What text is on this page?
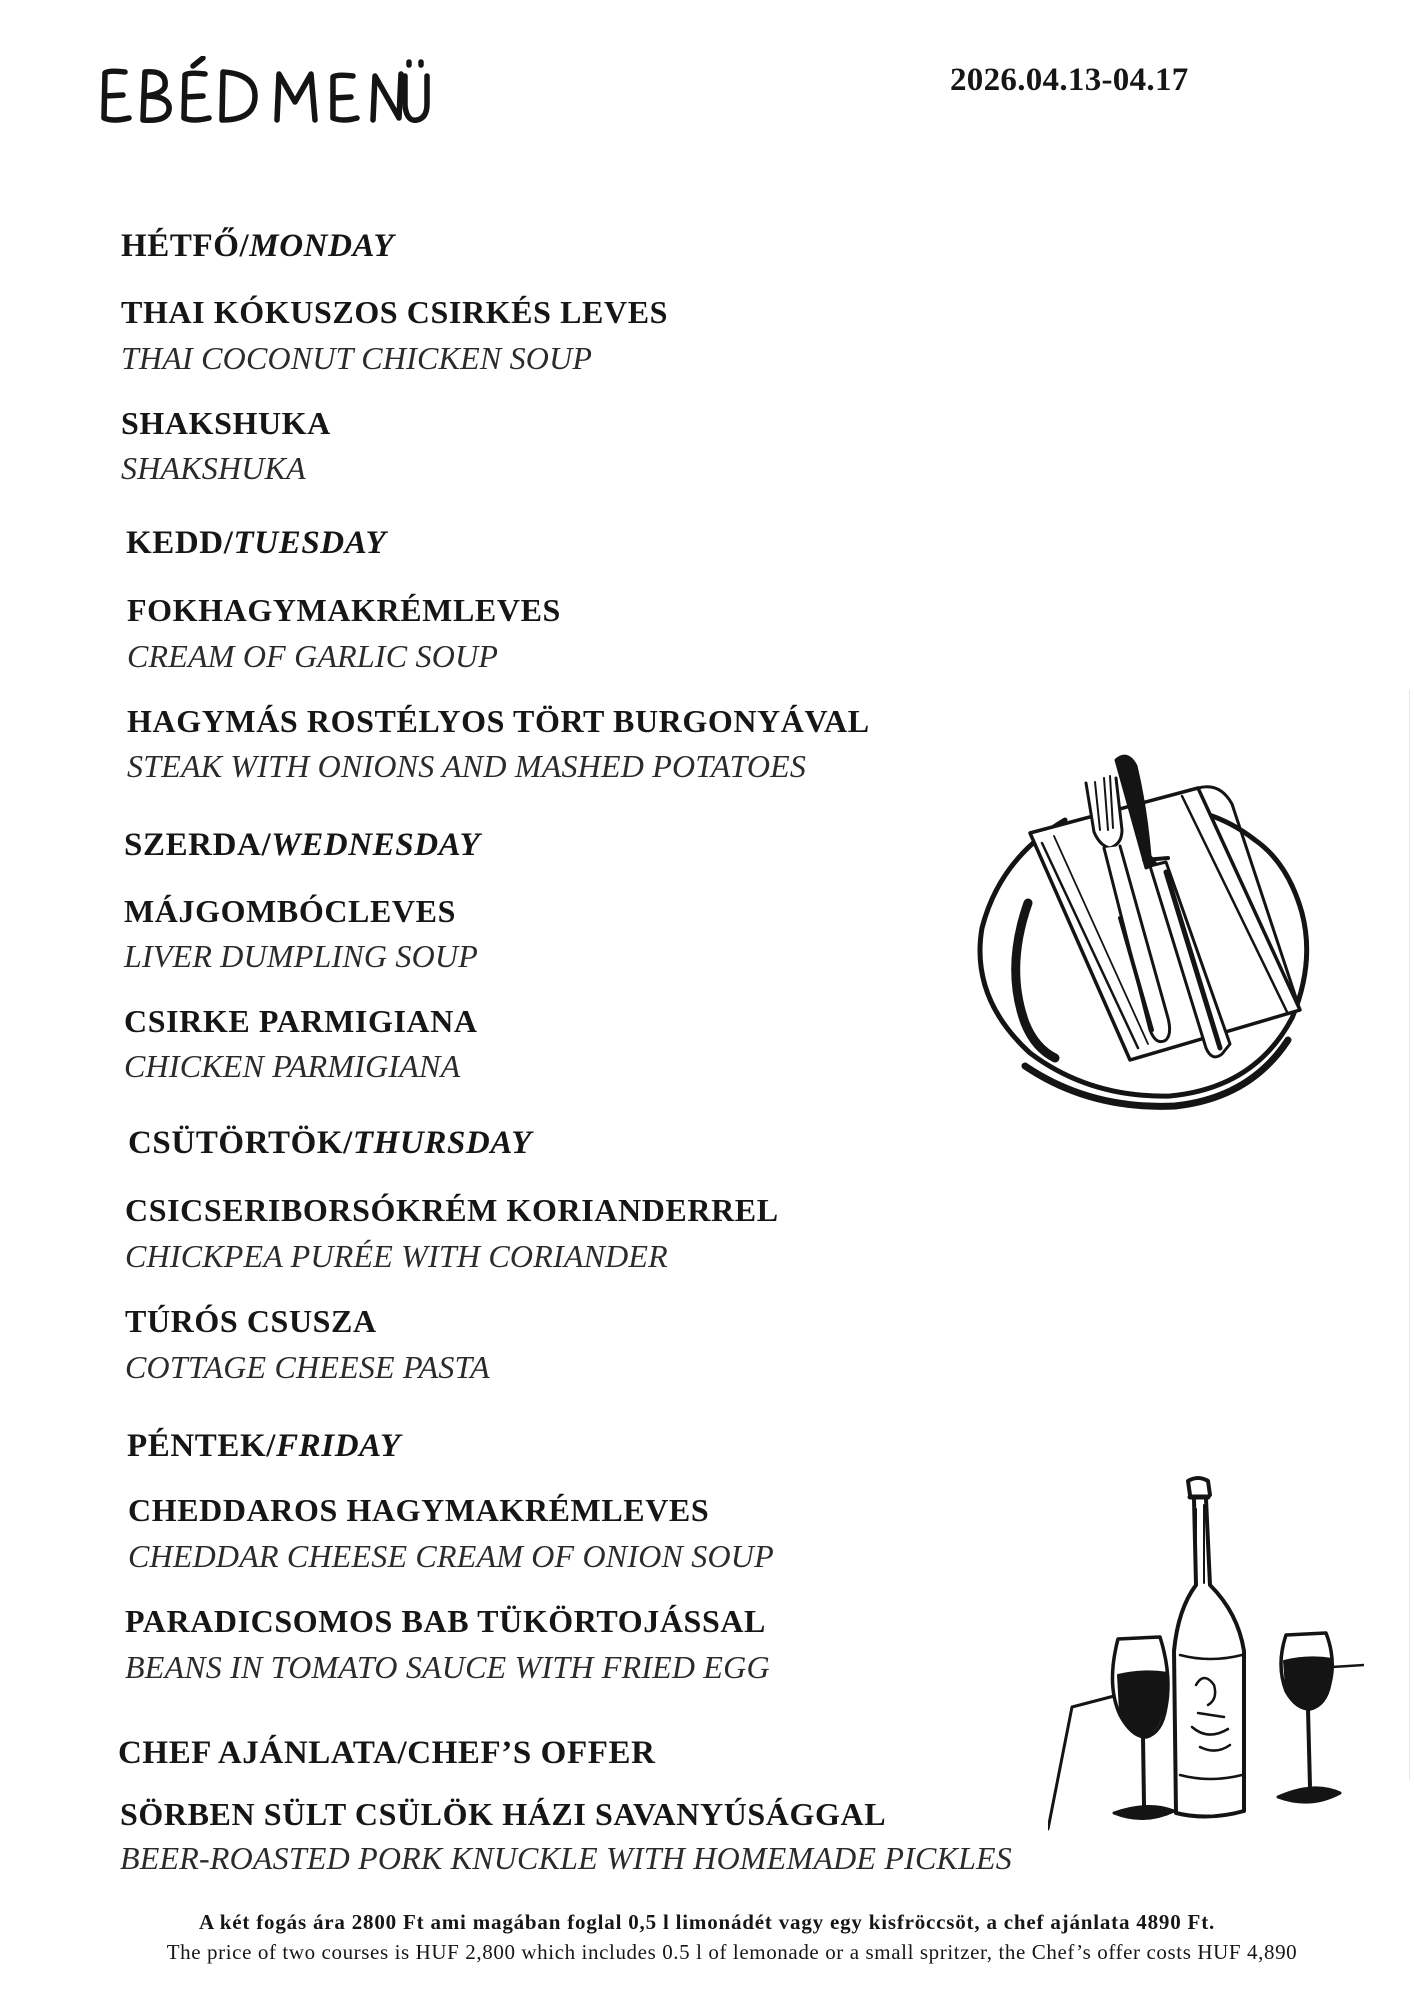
2026.04.13-04.17
HÉTFŐ/MONDAY
THAI KÓKUSZOS CSIRKÉS LEVES
THAI COCONUT CHICKEN SOUP
SHAKSHUKA
SHAKSHUKA
KEDD/TUESDAY
FOKHAGYMAKRÉMLEVES
CREAM OF GARLIC SOUP
HAGYMÁS ROSTÉLYOS TÖRT BURGONYÁVAL
STEAK WITH ONIONS AND MASHED POTATOES
SZERDA/WEDNESDAY
MÁJGOMBÓCLEVES
LIVER DUMPLING SOUP
CSIRKE PARMIGIANA
CHICKEN PARMIGIANA
CSÜTÖRTÖK/THURSDAY
CSICSERIBORSÓKRÉM KORIANDERREL
CHICKPEA PURÉE WITH CORIANDER
TÚRÓS CSUSZA
COTTAGE CHEESE PASTA
PÉNTEK/FRIDAY
CHEDDAROS HAGYMAKRÉMLEVES
CHEDDAR CHEESE CREAM OF ONION SOUP
PARADICSOMOS BAB TÜKÖRTOJÁSSAL
BEANS IN TOMATO SAUCE WITH FRIED EGG
CHEF AJÁNLATA/CHEF’S OFFER
SÖRBEN SÜLT CSÜLÖK HÁZI SAVANYÚSÁGGAL
BEER-ROASTED PORK KNUCKLE WITH HOMEMADE PICKLES
A két fogás ára 2800 Ft ami magában foglal 0,5 l limonádét vagy egy kisfröccsöt, a chef ajánlata 4890 Ft.
The price of two courses is HUF 2,800 which includes 0.5 l of lemonade or a small spritzer, the Chef’s offer costs HUF 4,890
